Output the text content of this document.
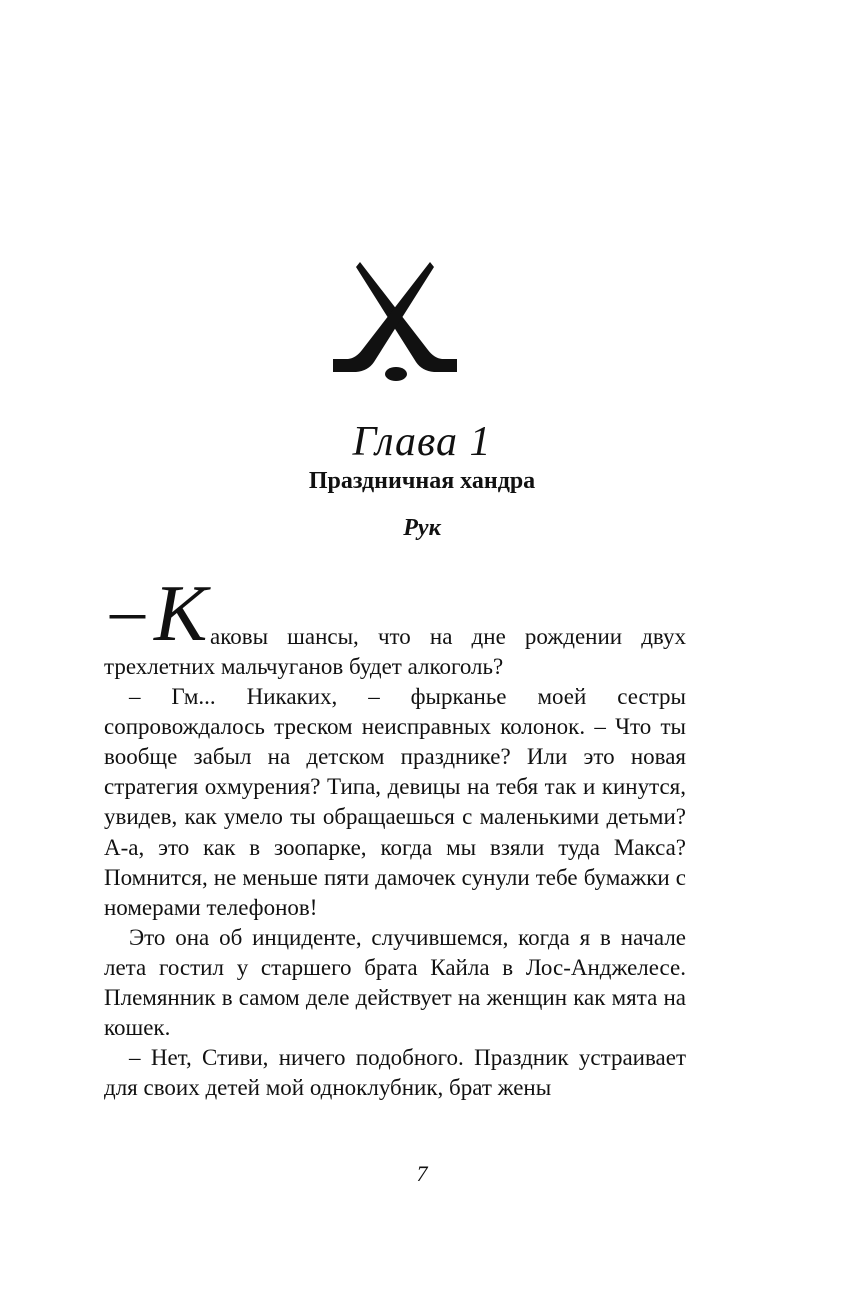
Глава 1
Праздничная хандра
Рук
– К аковы шансы, что на дне рождении двух

трехлетних мальчуганов будет алкоголь?

– Гм... Никаких, – фырканье моей сестры сопровождалось треском неисправных колонок. – Что ты вообще забыл на детском празднике? Или это новая стратегия охмурения? Типа, девицы на тебя так и кинутся, увидев, как умело ты обращаешься с маленькими детьми? А-а, это как в зоопарке, когда мы взяли туда Макса? Помнится, не меньше пяти дамочек сунули тебе бумажки с номерами телефонов!

Это она об инциденте, случившемся, когда я в начале лета гостил у старшего брата Кайла в Лос-Анджелесе. Племянник в самом деле действует на женщин как мята на кошек.

– Нет, Стиви, ничего подобного. Праздник устраивает для своих детей мой одноклубник, брат жены

7
